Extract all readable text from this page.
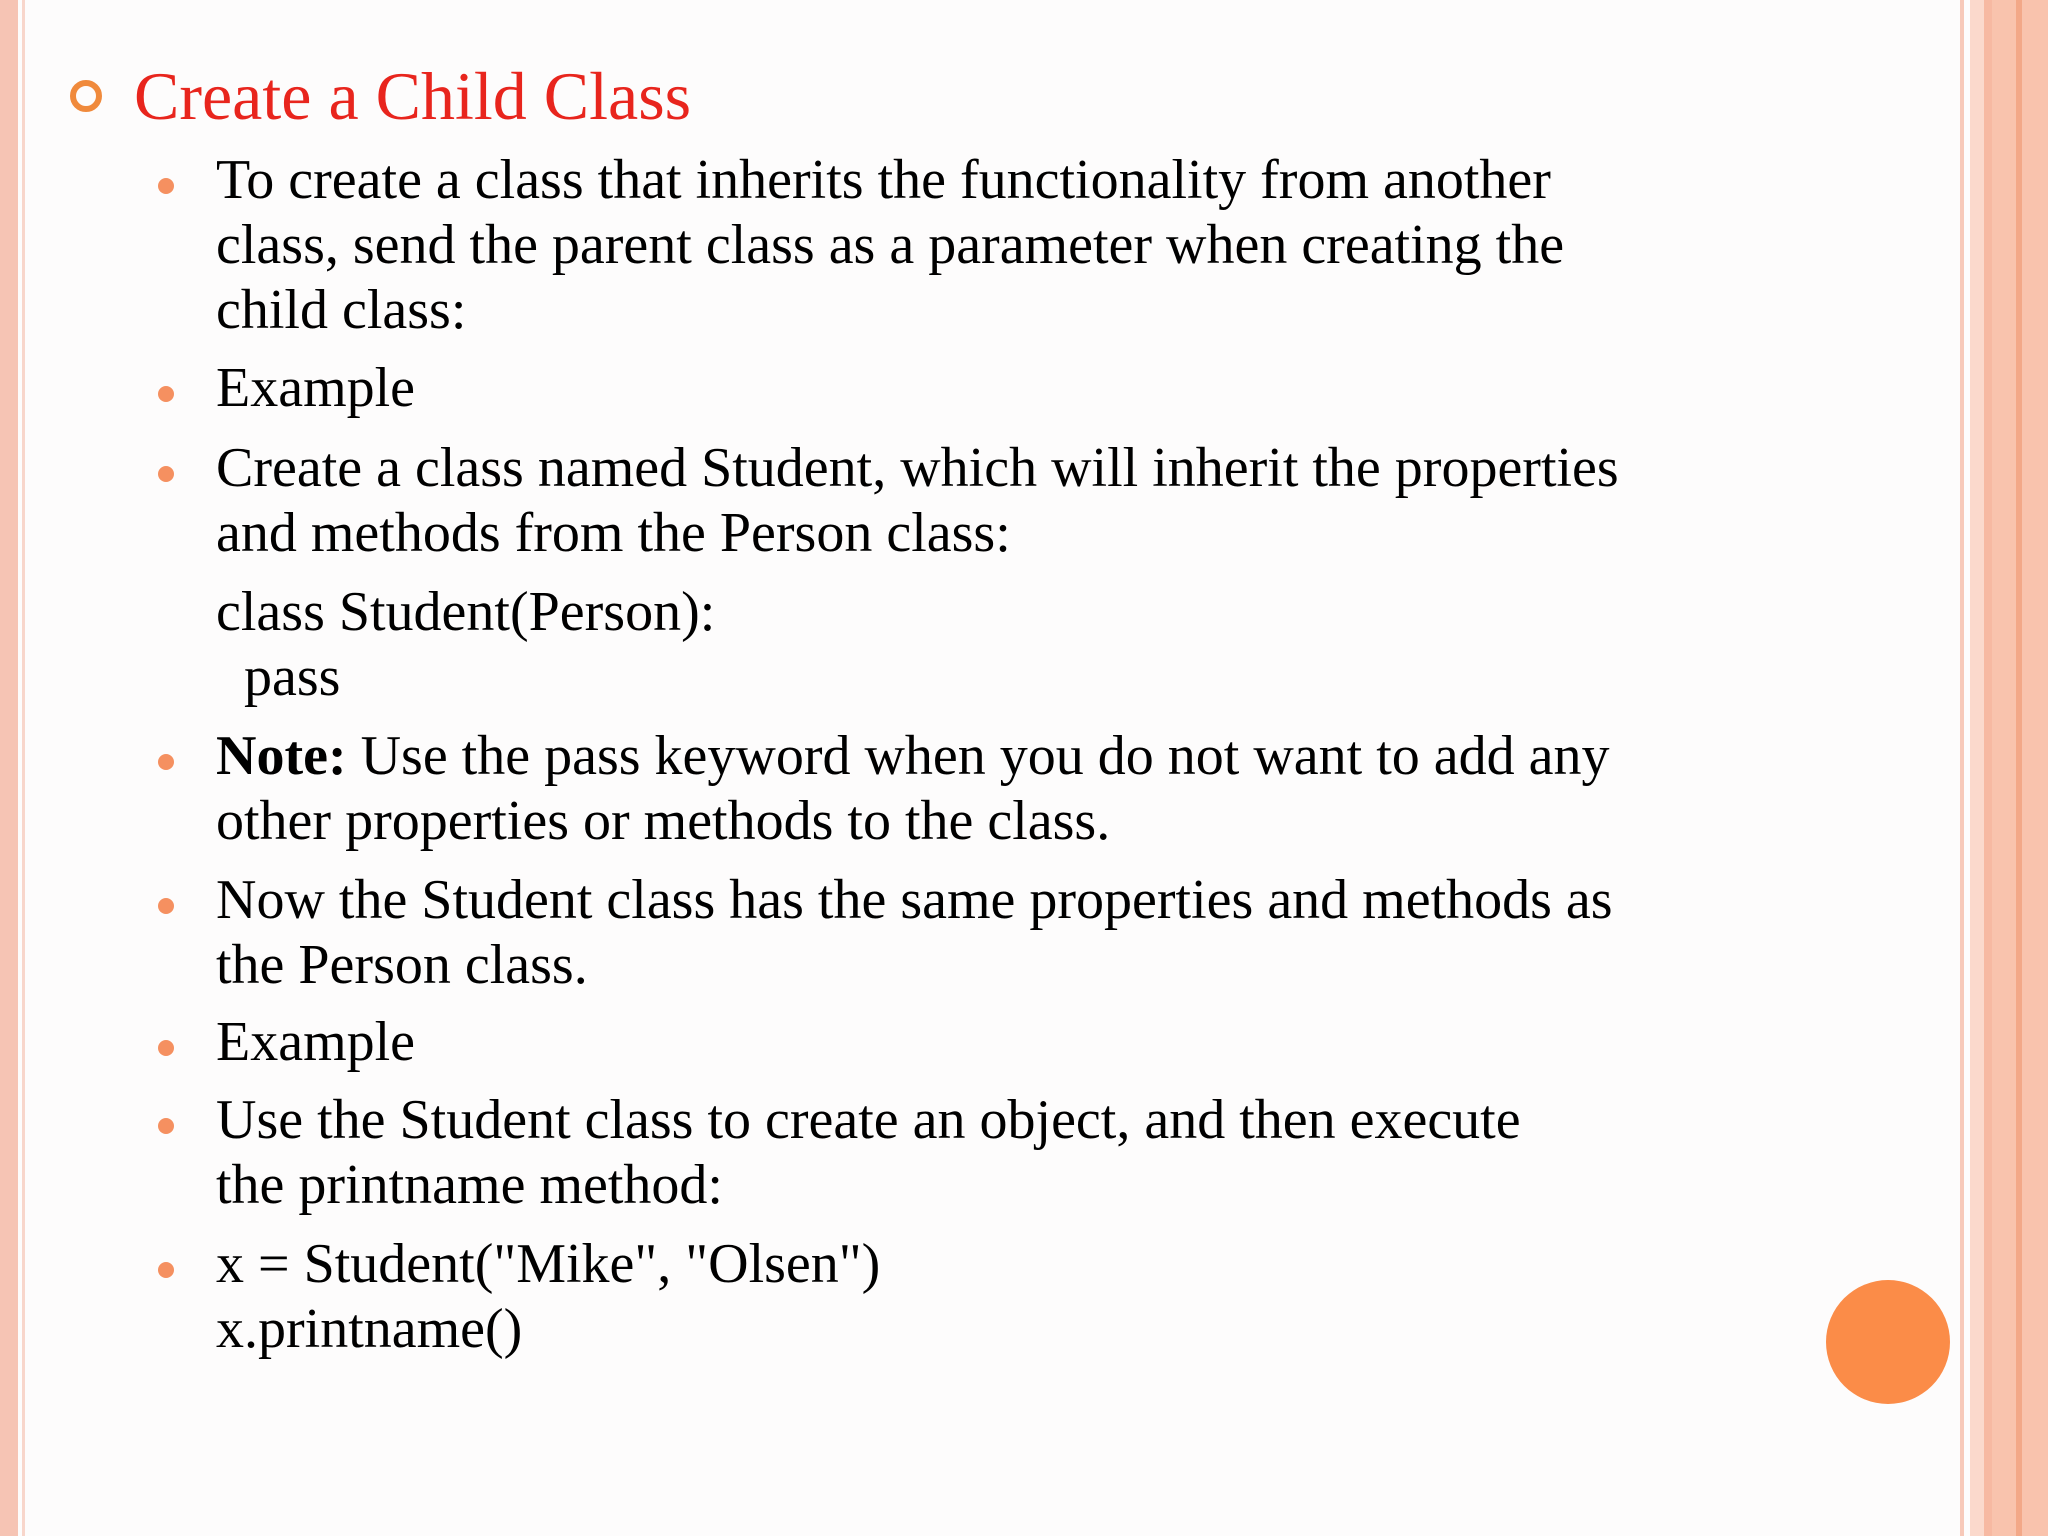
Create a Child Class
To create a class that inherits the functionality from another
class, send the parent class as a parameter when creating the
child class:
Example
Create a class named Student, which will inherit the properties
and methods from the Person class:
class Student(Person):
pass
Note: Use the pass keyword when you do not want to add any
other properties or methods to the class.
Now the Student class has the same properties and methods as
the Person class.
Example
Use the Student class to create an object, and then execute
the printname method:
x = Student("Mike", "Olsen")
x.printname()
